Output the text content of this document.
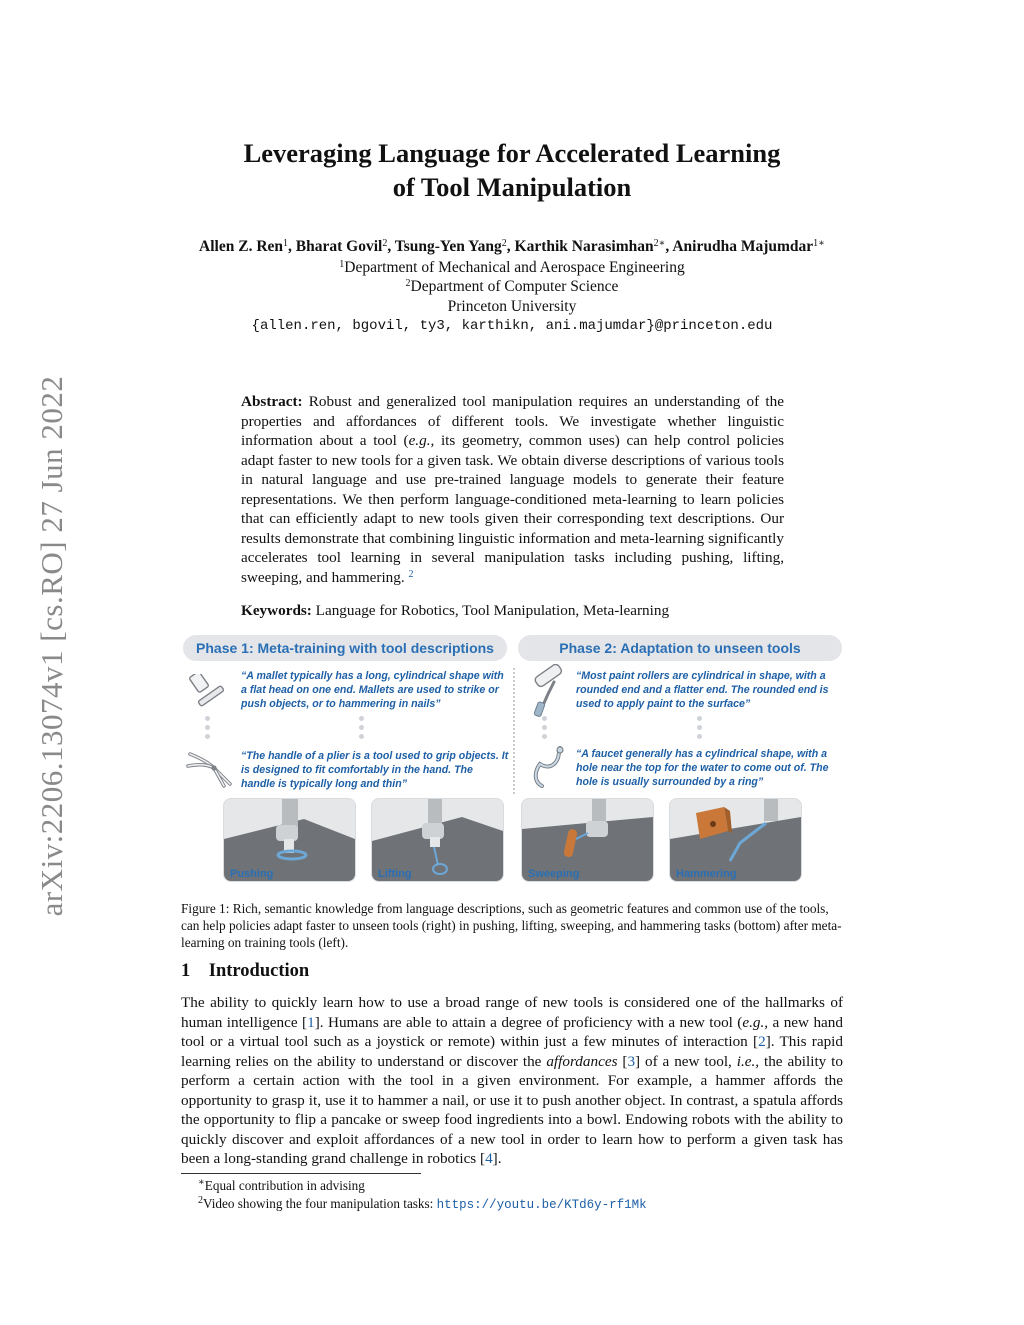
arXiv:2206.13074v1 [cs.RO] 27 Jun 2022
Leveraging Language for Accelerated Learning
of Tool Manipulation
Allen Z. Ren$^1$, Bharat Govil$^2$, Tsung-Yen Yang$^2$, Karthik Narasimhan$^{2∗}$, Anirudha Majumdar$^{1∗}$
$^1$Department of Mechanical and Aerospace Engineering
$^2$Department of Computer Science
Princeton University
{allen.ren, bgovil, ty3, karthikn, ani.majumdar}@princeton.edu
Abstract: Robust and generalized tool manipulation requires an understanding of the properties and affordances of different tools. We investigate whether linguistic information about a tool (e.g., its geometry, common uses) can help control policies adapt faster to new tools for a given task. We obtain diverse descriptions of various tools in natural language and use pre-trained language models to generate their feature representations. We then perform language-conditioned meta-learning to learn policies that can efficiently adapt to new tools given their corresponding text descriptions. Our results demonstrate that combining linguistic information and meta-learning significantly accelerates tool learning in several manipulation tasks including pushing, lifting, sweeping, and hammering. $^2$
Keywords: Language for Robotics, Tool Manipulation, Meta-learning
Phase 1: Meta-training with tool descriptions	Phase 2: Adaptation to unseen tools
“A mallet typically has a long, cylindrical shape with a flat head on one end. Mallets are used to strike or push objects, or to hammering in nails”
“The handle of a plier is a tool used to grip objects. It is designed to fit comfortably in the hand. The handle is typically long and thin”
“Most paint rollers are cylindrical in shape, with a rounded end and a flatter end. The rounded end is used to apply paint to the surface”
“A faucet generally has a cylindrical shape, with a hole near the top for the water to come out of. The hole is usually surrounded by a ring”
Pushing	Lifting	Sweeping	Hammering
Figure 1: Rich, semantic knowledge from language descriptions, such as geometric features and common use of the tools, can help policies adapt faster to unseen tools (right) in pushing, lifting, sweeping, and hammering tasks (bottom) after meta-learning on training tools (left).
1 Introduction
The ability to quickly learn how to use a broad range of new tools is considered one of the hallmarks of human intelligence [1]. Humans are able to attain a degree of proficiency with a new tool (e.g., a new hand tool or a virtual tool such as a joystick or remote) within just a few minutes of interaction [2]. This rapid learning relies on the ability to understand or discover the affordances [3] of a new tool, i.e., the ability to perform a certain action with the tool in a given environment. For example, a hammer affords the opportunity to grasp it, use it to hammer a nail, or use it to push another object. In contrast, a spatula affords the opportunity to flip a pancake or sweep food ingredients into a bowl. Endowing robots with the ability to quickly discover and exploit affordances of a new tool in order to learn how to perform a given task has been a long-standing grand challenge in robotics [4].
∗Equal contribution in advising
$^2$Video showing the four manipulation tasks: https://youtu.be/KTd6y-rf1Mk
